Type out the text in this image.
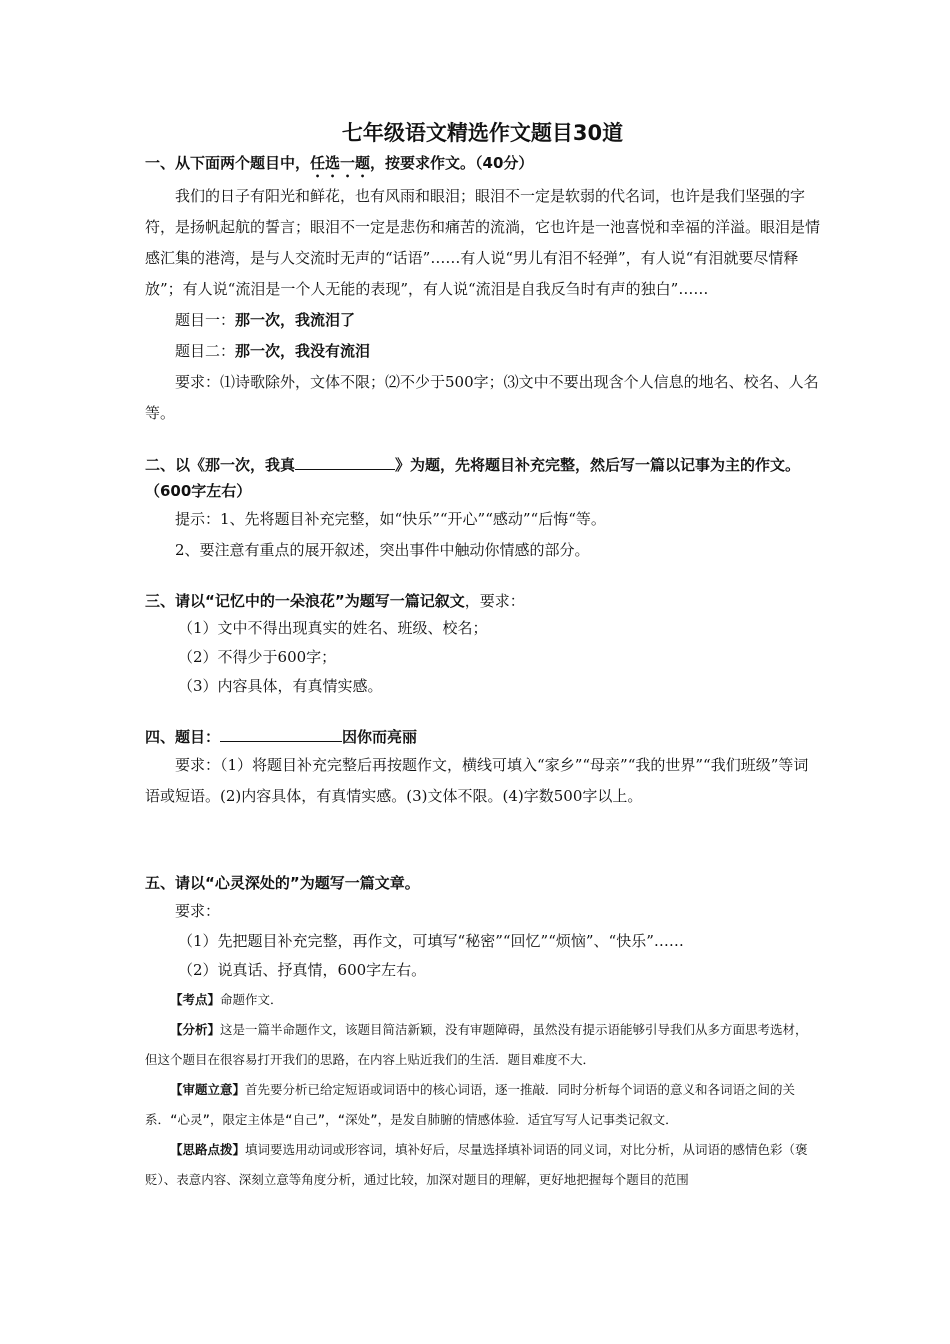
七年级语文精选作文题目30道
一、从下面两个题目中，任选一题，按要求作文。（40分）

我们的日子有阳光和鲜花，也有风雨和眼泪；眼泪不一定是软弱的代名词，也许是我们坚强的字符，是扬帆起航的誓言；眼泪不一定是悲伤和痛苦的流淌，它也许是一池喜悦和幸福的洋溢。眼泪是情感汇集的港湾，是与人交流时无声的“话语”……有人说“男儿有泪不轻弹”，有人说“有泪就要尽情释放”；有人说“流泪是一个人无能的表现”，有人说“流泪是自我反刍时有声的独白”……

题目一：那一次，我流泪了

题目二：那一次，我没有流泪

要求：⑴诗歌除外，文体不限；⑵不少于500字；⑶文中不要出现含个人信息的地名、校名、人名等。

二、以《那一次，我真	》为题，先将题目补充完整，然后写一篇以记事为主的作文。（600字左右）

提示：1、先将题目补充完整，如“快乐”“开心”“感动”“后悔“等。

2、要注意有重点的展开叙述，突出事件中触动你情感的部分。

三、请以“记忆中的一朵浪花”为题写一篇记叙文，要求：

（1）文中不得出现真实的姓名、班级、校名；

（2）不得少于600字；

（3）内容具体，有真情实感。

四、题目：	因你而亮丽

要求：（1）将题目补充完整后再按题作文，横线可填入“家乡”“母亲”“我的世界”“我们班级”等词语或短语。(2)内容具体，有真情实感。(3)文体不限。(4)字数500字以上。

五、请以“心灵深处的”为题写一篇文章。

要求：

（1）先把题目补充完整，再作文，可填写“秘密”“回忆”“烦恼”、“快乐”……

（2）说真话、抒真情，600字左右。

【考点】命题作文．

【分析】这是一篇半命题作文，该题目简洁新颖，没有审题障碍，虽然没有提示语能够引导我们从多方面思考选材，但这个题目在很容易打开我们的思路，在内容上贴近我们的生活．题目难度不大．

【审题立意】首先要分析已给定短语或词语中的核心词语，逐一推敲．同时分析每个词语的意义和各词语之间的关系．“心灵”，限定主体是“自己”，“深处”，是发自肺腑的情感体验．适宜写写人记事类记叙文．

【思路点拨】填词要选用动词或形容词，填补好后，尽量选择填补词语的同义词，对比分析，从词语的感情色彩（褒贬）、表意内容、深刻立意等角度分析，通过比较，加深对题目的理解，更好地把握每个题目的范围
